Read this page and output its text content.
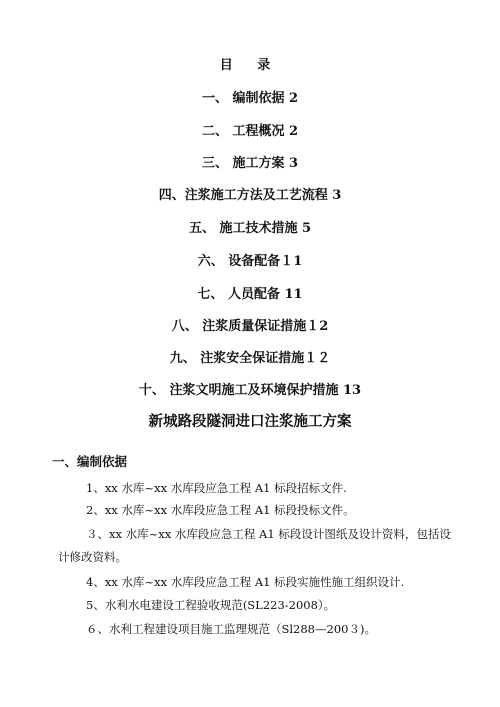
目 录
一、 编制依据 2
二、 工程概况 2
三、 施工方案 3
四、注浆施工方法及工艺流程 3
五、 施工技术措施 5
六、 设备配备１1
七、 人员配备 11
八、 注浆质量保证措施１2
九、 注浆安全保证措施１２
十、 注浆文明施工及环境保护措施 13
新城路段隧洞进口注浆施工方案
一、编制依据
1、xx 水库~xx 水库段应急工程 A1 标段招标文件.
2、xx 水库~xx 水库段应急工程 A1 标段投标文件。
３、xx 水库~xx 水库段应急工程 A1 标段设计图纸及设计资料，包括设
计修改资料。
4、xx 水库~xx 水库段应急工程 A1 标段实施性施工组织设计.
5、水利水电建设工程验收规范(SL223-2008）。
６、水利工程建设项目施工监理规范（Sl288—200３)。
